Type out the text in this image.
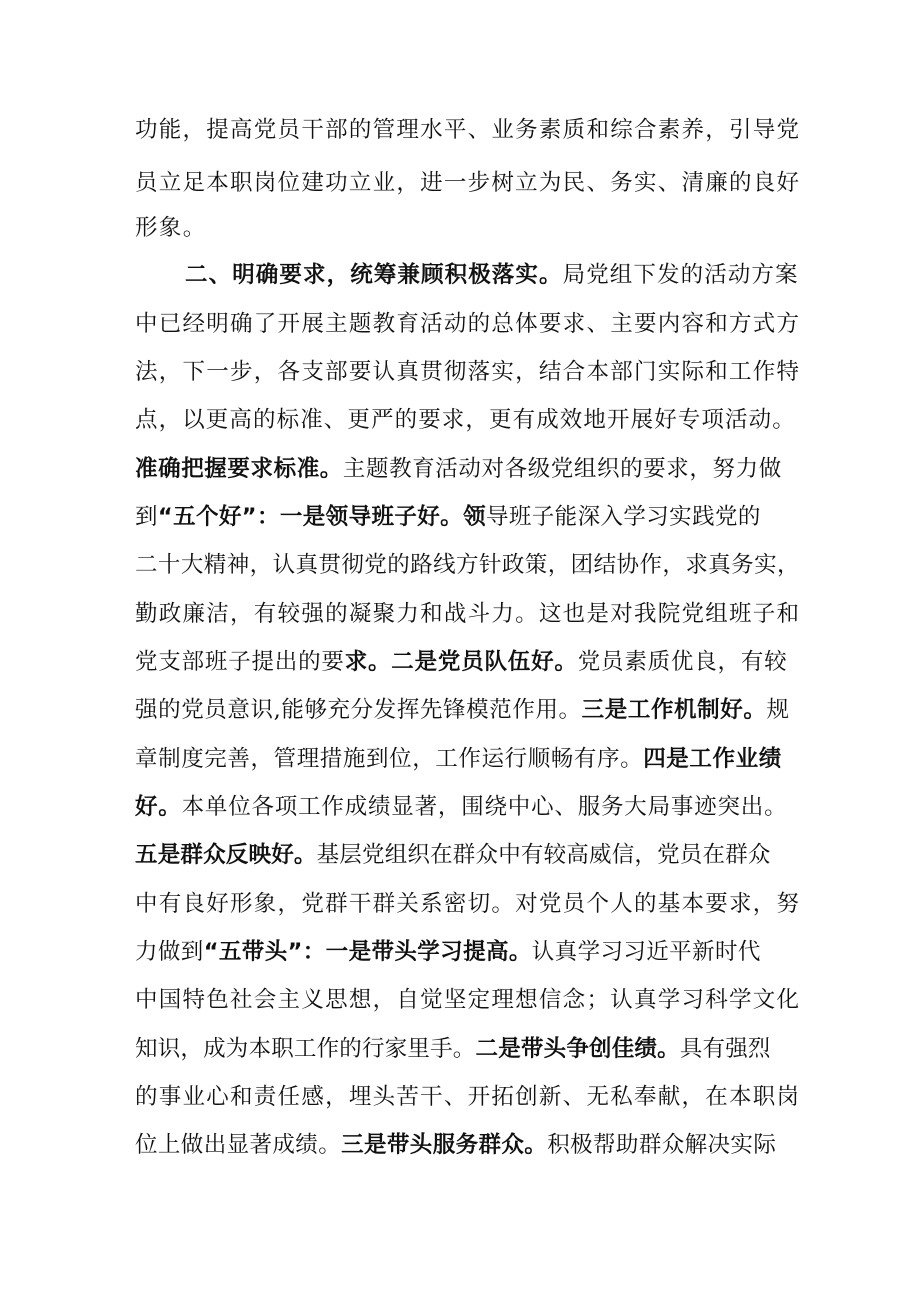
功能，提高党员干部的管理水平、业务素质和综合素养，引导党
员立足本职岗位建功立业，进一步树立为民、务实、清廉的良好
形象。
二、明确要求，统筹兼顾积极落实。局党组下发的活动方案
中已经明确了开展主题教育活动的总体要求、主要内容和方式方
法，下一步，各支部要认真贯彻落实，结合本部门实际和工作特
点，以更高的标准、更严的要求，更有成效地开展好专项活动。
准确把握要求标准。主题教育活动对各级党组织的要求，努力做
到“五个好”：一是领导班子好。领导班子能深入学习实践党的
二十大精神，认真贯彻党的路线方针政策，团结协作，求真务实，
勤政廉洁，有较强的凝聚力和战斗力。这也是对我院党组班子和
党支部班子提出的要求。二是党员队伍好。党员素质优良，有较
强的党员意识,能够充分发挥先锋模范作用。三是工作机制好。规
章制度完善，管理措施到位，工作运行顺畅有序。四是工作业绩
好。本单位各项工作成绩显著，围绕中心、服务大局事迹突出。
五是群众反映好。基层党组织在群众中有较高威信，党员在群众
中有良好形象，党群干群关系密切。对党员个人的基本要求，努
力做到“五带头”：一是带头学习提高。认真学习习近平新时代
中国特色社会主义思想，自觉坚定理想信念；认真学习科学文化
知识，成为本职工作的行家里手。二是带头争创佳绩。具有强烈
的事业心和责任感，埋头苦干、开拓创新、无私奉献，在本职岗
位上做出显著成绩。三是带头服务群众。积极帮助群众解决实际
